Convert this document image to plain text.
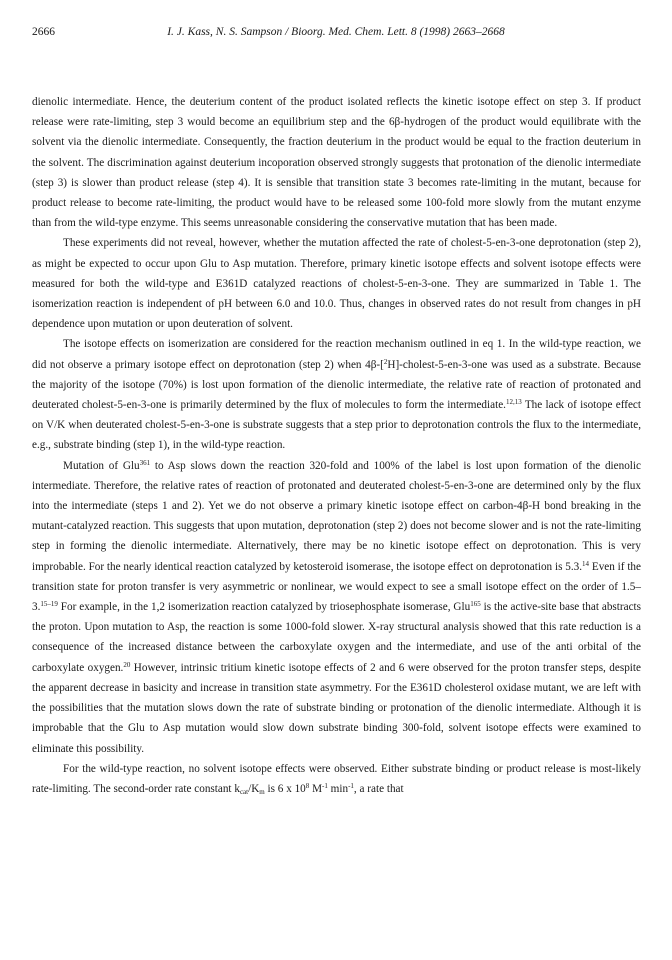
2666	I. J. Kass, N. S. Sampson / Bioorg. Med. Chem. Lett. 8 (1998) 2663–2668

dienolic intermediate. Hence, the deuterium content of the product isolated reflects the kinetic isotope effect on step 3. If product release were rate-limiting, step 3 would become an equilibrium step and the 6β-hydrogen of the product would equilibrate with the solvent via the dienolic intermediate. Consequently, the fraction deuterium in the product would be equal to the fraction deuterium in the solvent. The discrimination against deuterium incoporation observed strongly suggests that protonation of the dienolic intermediate (step 3) is slower than product release (step 4). It is sensible that transition state 3 becomes rate-limiting in the mutant, because for product release to become rate-limiting, the product would have to be released some 100-fold more slowly from the mutant enzyme than from the wild-type enzyme. This seems unreasonable considering the conservative mutation that has been made.

These experiments did not reveal, however, whether the mutation affected the rate of cholest-5-en-3-one deprotonation (step 2), as might be expected to occur upon Glu to Asp mutation. Therefore, primary kinetic isotope effects and solvent isotope effects were measured for both the wild-type and E361D catalyzed reactions of cholest-5-en-3-one. They are summarized in Table 1. The isomerization reaction is independent of pH between 6.0 and 10.0. Thus, changes in observed rates do not result from changes in pH dependence upon mutation or upon deuteration of solvent.

The isotope effects on isomerization are considered for the reaction mechanism outlined in eq 1. In the wild-type reaction, we did not observe a primary isotope effect on deprotonation (step 2) when 4β-[$^2$H]-cholest-5-en-3-one was used as a substrate. Because the majority of the isotope (70%) is lost upon formation of the dienolic intermediate, the relative rate of reaction of protonated and deuterated cholest-5-en-3-one is primarily determined by the flux of molecules to form the intermediate.$^{12,13}$ The lack of isotope effect on V/K when deuterated cholest-5-en-3-one is substrate suggests that a step prior to deprotonation controls the flux to the intermediate, e.g., substrate binding (step 1), in the wild-type reaction.

Mutation of Glu$^{361}$ to Asp slows down the reaction 320-fold and 100% of the label is lost upon formation of the dienolic intermediate. Therefore, the relative rates of reaction of protonated and deuterated cholest-5-en-3-one are determined only by the flux into the intermediate (steps 1 and 2). Yet we do not observe a primary kinetic isotope effect on carbon-4β-H bond breaking in the mutant-catalyzed reaction. This suggests that upon mutation, deprotonation (step 2) does not become slower and is not the rate-limiting step in forming the dienolic intermediate. Alternatively, there may be no kinetic isotope effect on deprotonation. This is very improbable. For the nearly identical reaction catalyzed by ketosteroid isomerase, the isotope effect on deprotonation is 5.3.14 Even if the transition state for proton transfer is very asymmetric or nonlinear, we would expect to see a small isotope effect on the order of 1.5–3.$^{15-19}$ For example, in the 1,2 isomerization reaction catalyzed by triosephosphate isomerase, Glu$^{165}$ is the active-site base that abstracts the proton. Upon mutation to Asp, the reaction is some 1000-fold slower. X-ray structural analysis showed that this rate reduction is a consequence of the increased distance between the carboxylate oxygen and the intermediate, and use of the anti orbital of the carboxylate oxygen.$^{20}$ However, intrinsic tritium kinetic isotope effects of 2 and 6 were observed for the proton transfer steps, despite the apparent decrease in basicity and increase in transition state asymmetry. For the E361D cholesterol oxidase mutant, we are left with the possibilities that the mutation slows down the rate of substrate binding or protonation of the dienolic intermediate. Although it is improbable that the Glu to Asp mutation would slow down substrate binding 300-fold, solvent isotope effects were examined to eliminate this possibility.

For the wild-type reaction, no solvent isotope effects were observed. Either substrate binding or product release is most-likely rate-limiting. The second-order rate constant $k_{cat}/K_m$ is 6 x $10^8$ $M^{-1}$ $\min^{-1}$, a rate that
